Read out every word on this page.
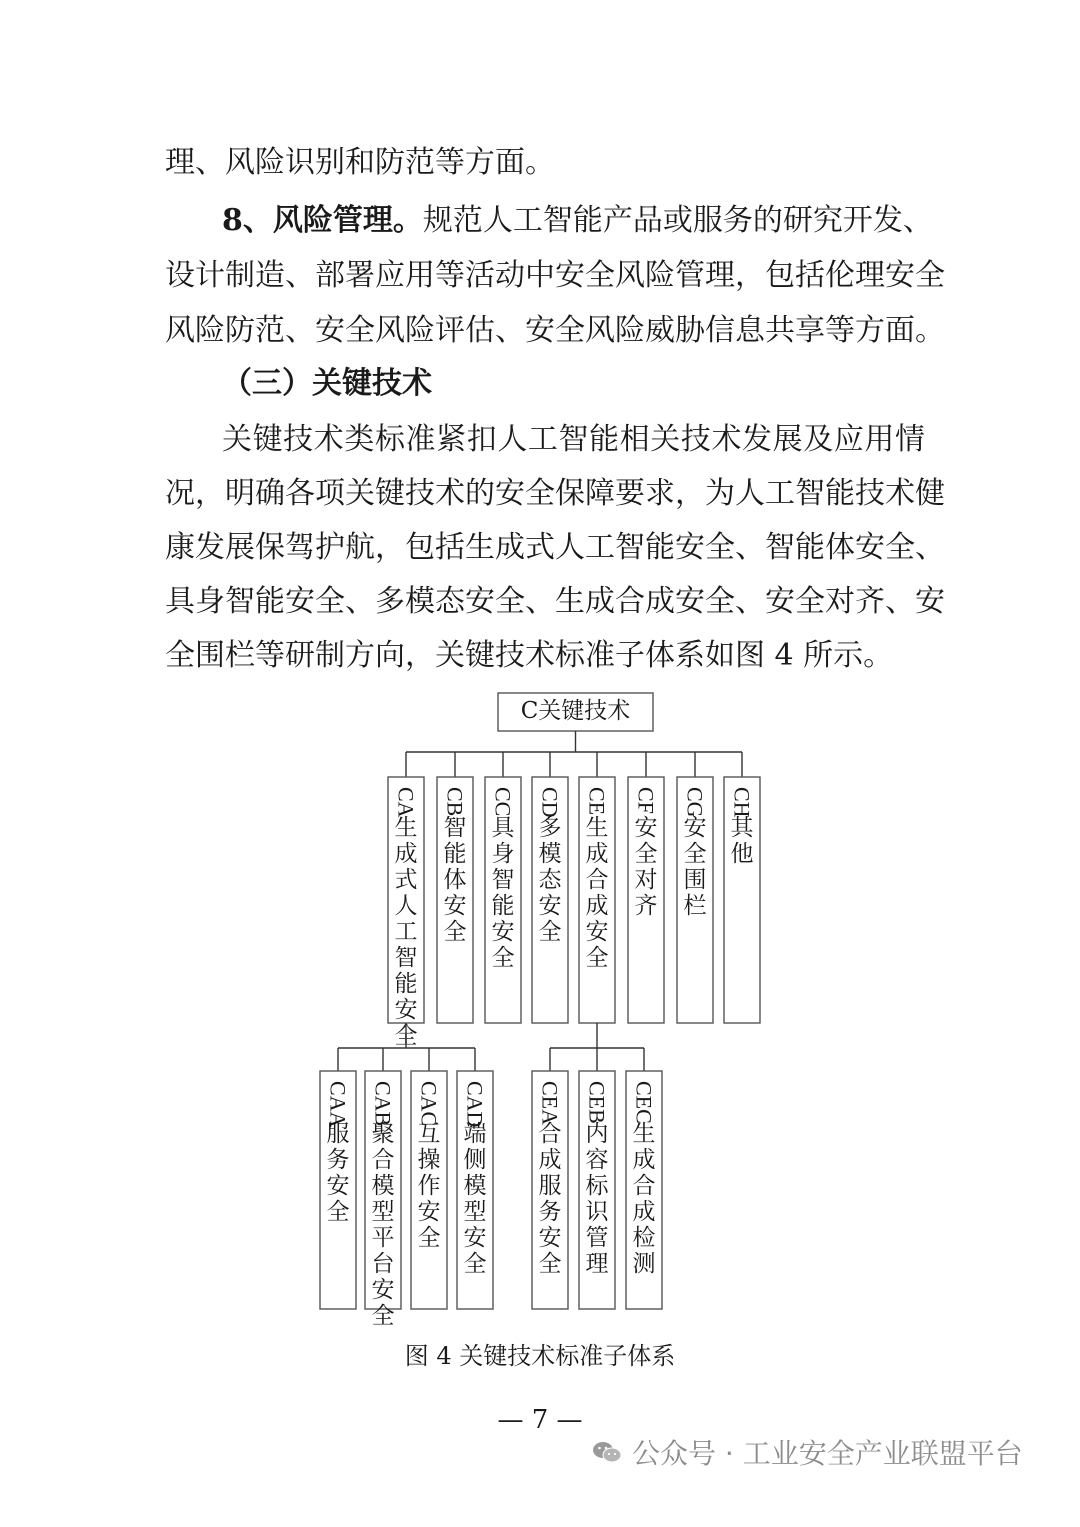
理、风险识别和防范等方面。
8、风险管理。规范人工智能产品或服务的研究开发、
设计制造、部署应用等活动中安全风险管理，包括伦理安全
风险防范、安全风险评估、安全风险威胁信息共享等方面。
（三）关键技术
关键技术类标准紧扣人工智能相关技术发展及应用情
况，明确各项关键技术的安全保障要求，为人工智能技术健
康发展保驾护航，包括生成式人工智能安全、智能体安全、
具身智能安全、多模态安全、生成合成安全、安全对齐、安
全围栏等研制方向，关键技术标准子体系如图 4 所示。
C关键技术
CA
生
成
式
人
工
智
能
安
全
CB
智
能
体
安
全
CC
具
身
智
能
安
全
CD
多
模
态
安
全
CE
生
成
合
成
安
全
CF
安
全
对
齐
CG
安
全
围
栏
CH
其
他
CAA
服
务
安
全
CAB
聚
合
模
型
平
台
安
全
CAC
互
操
作
安
全
CAD
端
侧
模
型
安
全
CEA
合
成
服
务
安
全
CEB
内
容
标
识
管
理
CEC
生
成
合
成
检
测
图 4 关键技术标准子体系
— 7 —
公众号 · 工业安全产业联盟平台
